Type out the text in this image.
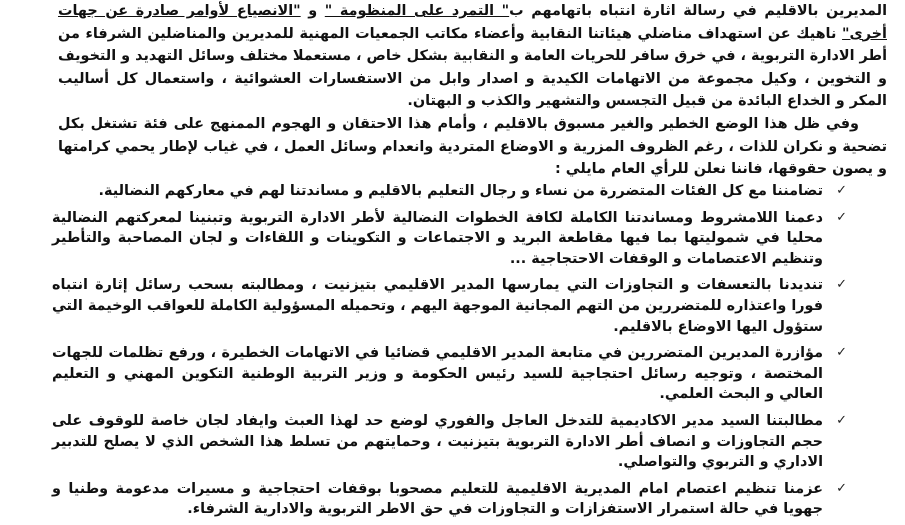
المديرين بالاقليم في رسالة اثارة انتباه باتهامهم ب" التمرد على المنظومة " و "الانصياع لأوامر صادرة عن جهات أخرى" ناهيك عن استهداف مناضلي هيئاتنا النقابية وأعضاء مكاتب الجمعيات المهنية للمديرين والمناضلين الشرفاء من أطر الادارة التربوية ، في خرق سافر للحريات العامة و النقابية بشكل خاص ، مستعملا مختلف وسائل التهديد و التخويف و التخوين ، وكيل مجموعة من الاتهامات الكيدية و اصدار وابل من الاستفسارات العشوائية ، واستعمال كل أساليب المكر و الخداع البائدة من قبيل التجسس والتشهير والكذب و البهتان.

وفي ظل هذا الوضع الخطير والغير مسبوق بالاقليم ، وأمام هذا الاحتقان و الهجوم الممنهج على فئة تشتغل بكل تضحية و نكران للذات ، رغم الظروف المزرية و الاوضاع المتردية وانعدام وسائل العمل ، في غياب لإطار يحمي كرامتها و يصون حقوقها، فاننا نعلن للرأي العام مايلي :

✓
تضامننا مع كل الفئات المتضررة من نساء و رجال التعليم بالاقليم و مساندتنا لهم في معاركهم النضالية.
✓
دعمنا اللامشروط ومساندتنا الكاملة لكافة الخطوات النضالية لأطر الادارة التربوية وتبنينا لمعركتهم النضالية محليا في شموليتها بما فيها مقاطعة البريد و الاجتماعات و التكوينات و اللقاءات و لجان المصاحبة والتأطير وتنظيم الاعتصامات و الوقفات الاحتجاجية ...
✓
تنديدنا بالتعسفات و التجاوزات التي يمارسها المدير الاقليمي بتيزنيت ، ومطالبته بسحب رسائل إثارة انتباه فورا واعتذاره للمتضررين من التهم المجانية الموجهة اليهم ، وتحميله المسؤولية الكاملة للعواقب الوخيمة التي ستؤول اليها الاوضاع بالاقليم.
✓
مؤازرة المديرين المتضررين في متابعة المدير الاقليمي قضائيا في الاتهامات الخطيرة ، ورفع تظلمات للجهات المختصة ، وتوجيه رسائل احتجاجية للسيد رئيس الحكومة و وزير التربية الوطنية التكوين المهني و التعليم العالي و البحث العلمي.
✓
مطالبتنا السيد مدير الاكاديمية للتدخل العاجل والفوري لوضع حد لهذا العبث وايفاد لجان خاصة للوقوف على حجم التجاوزات و انصاف أطر الادارة التربوية بتيزنيت ، وحمايتهم من تسلط هذا الشخص الذي لا يصلح للتدبير الاداري و التربوي والتواصلي.
✓
عزمنا تنظيم اعتصام امام المديرية الاقليمية للتعليم مصحوبا بوقفات احتجاجية و مسيرات مدعومة وطنيا و جهويا في حالة استمرار الاستفزازات و التجاوزات في حق الاطر التربوية والادارية الشرفاء.
